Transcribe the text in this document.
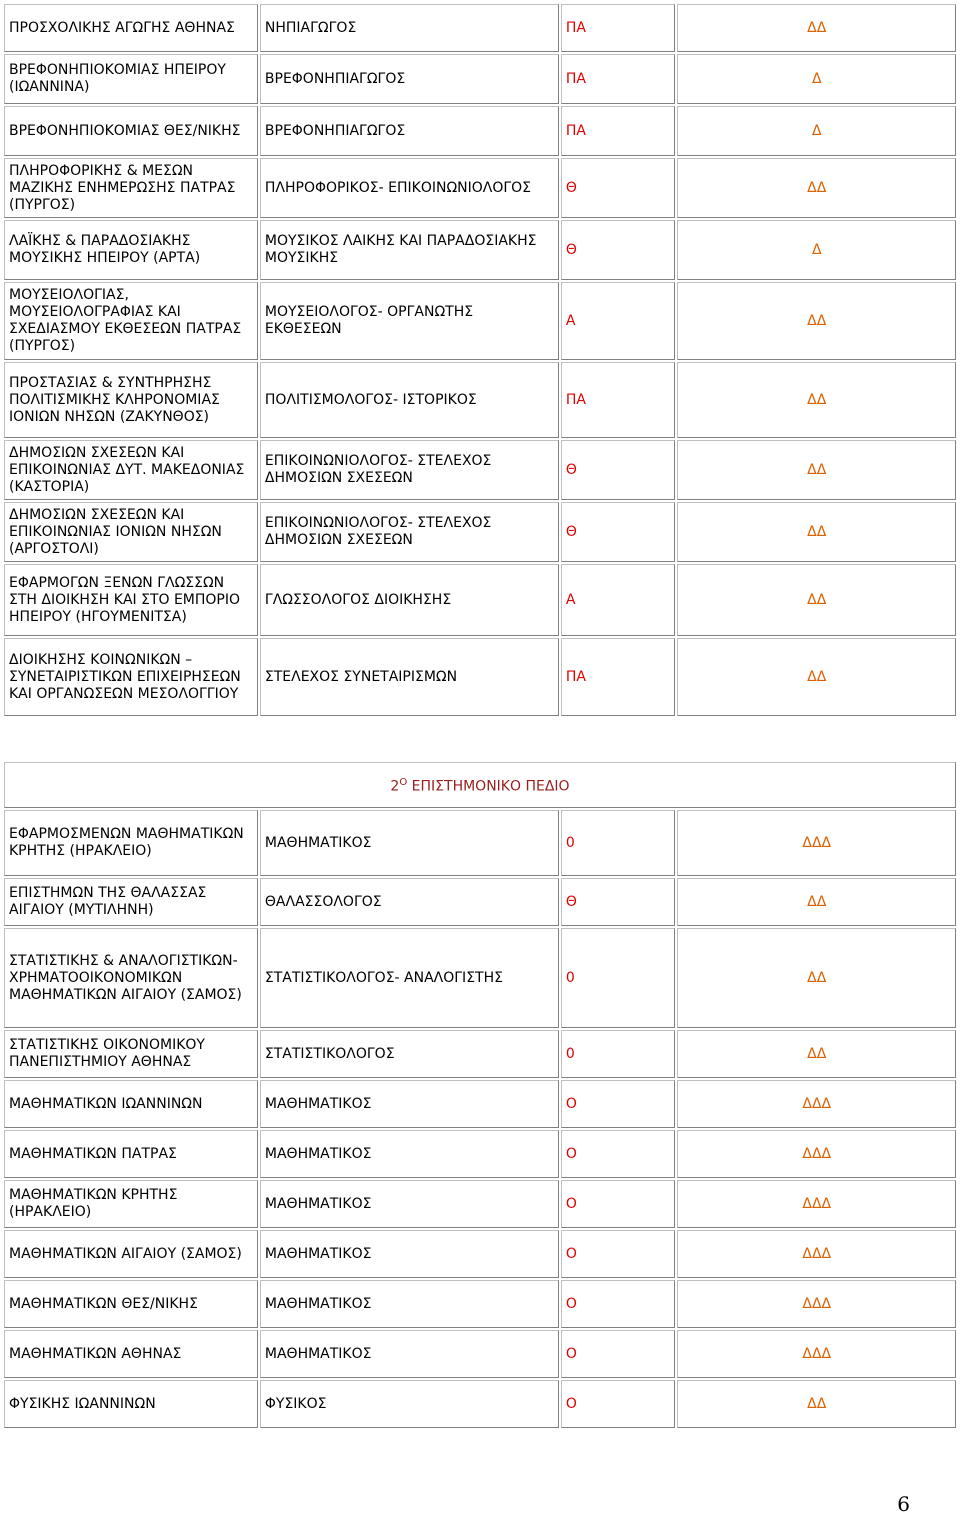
ΠΡΟΣΧΟΛΙΚΗΣ ΑΓΩΓΗΣ ΑΘΗΝΑΣ	ΝΗΠΙΑΓΩΓΟΣ	ΠΑ	ΔΔ
ΒΡΕΦΟΝΗΠΙΟΚΟΜΙΑΣ ΗΠΕΙΡΟΥ (ΙΩΑΝΝΙΝΑ)	ΒΡΕΦΟΝΗΠΙΑΓΩΓΟΣ	ΠΑ	Δ
ΒΡΕΦΟΝΗΠΙΟΚΟΜΙΑΣ ΘΕΣ/ΝΙΚΗΣ	ΒΡΕΦΟΝΗΠΙΑΓΩΓΟΣ	ΠΑ	Δ
ΠΛΗΡΟΦΟΡΙΚΗΣ & ΜΕΣΩΝ ΜΑΖΙΚΗΣ ΕΝΗΜΕΡΩΣΗΣ ΠΑΤΡΑΣ (ΠΥΡΓΟΣ)	ΠΛΗΡΟΦΟΡΙΚΟΣ- ΕΠΙΚΟΙΝΩΝΙΟΛΟΓΟΣ	Θ	ΔΔ
ΛΑΪΚΗΣ & ΠΑΡΑΔΟΣΙΑΚΗΣ ΜΟΥΣΙΚΗΣ ΗΠΕΙΡΟΥ (ΑΡΤΑ)	ΜΟΥΣΙΚΟΣ ΛΑΙΚΗΣ ΚΑΙ ΠΑΡΑΔΟΣΙΑΚΗΣ ΜΟΥΣΙΚΗΣ	Θ	Δ
ΜΟΥΣΕΙΟΛΟΓΙΑΣ, ΜΟΥΣΕΙΟΛΟΓΡΑΦΙΑΣ ΚΑΙ ΣΧΕΔΙΑΣΜΟΥ ΕΚΘΕΣΕΩΝ ΠΑΤΡΑΣ (ΠΥΡΓΟΣ)	ΜΟΥΣΕΙΟΛΟΓΟΣ- ΟΡΓΑΝΩΤΗΣ ΕΚΘΕΣΕΩΝ	Α	ΔΔ
ΠΡΟΣΤΑΣΙΑΣ & ΣΥΝΤΗΡΗΣΗΣ ΠΟΛΙΤΙΣΜΙΚΗΣ ΚΛΗΡΟΝΟΜΙΑΣ ΙΟΝΙΩΝ ΝΗΣΩΝ (ΖΑΚΥΝΘΟΣ)	ΠΟΛΙΤΙΣΜΟΛΟΓΟΣ- ΙΣΤΟΡΙΚΟΣ	ΠΑ	ΔΔ
ΔΗΜΟΣΙΩΝ ΣΧΕΣΕΩΝ ΚΑΙ ΕΠΙΚΟΙΝΩΝΙΑΣ ΔΥΤ. ΜΑΚΕΔΟΝΙΑΣ (ΚΑΣΤΟΡΙΑ)	ΕΠΙΚΟΙΝΩΝΙΟΛΟΓΟΣ- ΣΤΕΛΕΧΟΣ ΔΗΜΟΣΙΩΝ ΣΧΕΣΕΩΝ	Θ	ΔΔ
ΔΗΜΟΣΙΩΝ ΣΧΕΣΕΩΝ ΚΑΙ ΕΠΙΚΟΙΝΩΝΙΑΣ ΙΟΝΙΩΝ ΝΗΣΩΝ (ΑΡΓΟΣΤΟΛΙ)	ΕΠΙΚΟΙΝΩΝΙΟΛΟΓΟΣ- ΣΤΕΛΕΧΟΣ ΔΗΜΟΣΙΩΝ ΣΧΕΣΕΩΝ	Θ	ΔΔ
ΕΦΑΡΜΟΓΩΝ ΞΕΝΩΝ ΓΛΩΣΣΩΝ ΣΤΗ ΔΙΟΙΚΗΣΗ ΚΑΙ ΣΤΟ ΕΜΠΟΡΙΟ ΗΠΕΙΡΟΥ (ΗΓΟΥΜΕΝΙΤΣΑ)	ΓΛΩΣΣΟΛΟΓΟΣ ΔΙΟΙΚΗΣΗΣ	Α	ΔΔ
ΔΙΟΙΚΗΣΗΣ ΚΟΙΝΩΝΙΚΩΝ – ΣΥΝΕΤΑΙΡΙΣΤΙΚΩΝ ΕΠΙΧΕΙΡΗΣΕΩΝ ΚΑΙ ΟΡΓΑΝΩΣΕΩΝ ΜΕΣΟΛΟΓΓΙΟΥ	ΣΤΕΛΕΧΟΣ ΣΥΝΕΤΑΙΡΙΣΜΩΝ	ΠΑ	ΔΔ
$2^O$ ΕΠΙΣΤΗΜΟΝΙΚΟ ΠΕΔΙΟ			
ΕΦΑΡΜΟΣΜΕΝΩΝ ΜΑΘΗΜΑΤΙΚΩΝ ΚΡΗΤΗΣ (ΗΡΑΚΛΕΙΟ)	ΜΑΘΗΜΑΤΙΚΟΣ	0	ΔΔΔ
ΕΠΙΣΤΗΜΩΝ ΤΗΣ ΘΑΛΑΣΣΑΣ ΑΙΓΑΙΟΥ (ΜΥΤΙΛΗΝΗ)	ΘΑΛΑΣΣΟΛΟΓΟΣ	Θ	ΔΔ
ΣΤΑΤΙΣΤΙΚΗΣ & ΑΝΑΛΟΓΙΣΤΙΚΩΝ- ΧΡΗΜΑΤΟΟΙΚΟΝΟΜΙΚΩΝ ΜΑΘΗΜΑΤΙΚΩΝ ΑΙΓΑΙΟΥ (ΣΑΜΟΣ)	ΣΤΑΤΙΣΤΙΚΟΛΟΓΟΣ- ΑΝΑΛΟΓΙΣΤΗΣ	0	ΔΔ
ΣΤΑΤΙΣΤΙΚΗΣ ΟΙΚΟΝΟΜΙΚΟΥ ΠΑΝΕΠΙΣΤΗΜΙΟΥ ΑΘΗΝΑΣ	ΣΤΑΤΙΣΤΙΚΟΛΟΓΟΣ	0	ΔΔ
ΜΑΘΗΜΑΤΙΚΩΝ ΙΩΑΝΝΙΝΩΝ	ΜΑΘΗΜΑΤΙΚΟΣ	Ο	ΔΔΔ
ΜΑΘΗΜΑΤΙΚΩΝ ΠΑΤΡΑΣ	ΜΑΘΗΜΑΤΙΚΟΣ	Ο	ΔΔΔ
ΜΑΘΗΜΑΤΙΚΩΝ ΚΡΗΤΗΣ (ΗΡΑΚΛΕΙΟ)	ΜΑΘΗΜΑΤΙΚΟΣ	Ο	ΔΔΔ
ΜΑΘΗΜΑΤΙΚΩΝ ΑΙΓΑΙΟΥ (ΣΑΜΟΣ)	ΜΑΘΗΜΑΤΙΚΟΣ	Ο	ΔΔΔ
ΜΑΘΗΜΑΤΙΚΩΝ ΘΕΣ/ΝΙΚΗΣ	ΜΑΘΗΜΑΤΙΚΟΣ	Ο	ΔΔΔ
ΜΑΘΗΜΑΤΙΚΩΝ ΑΘΗΝΑΣ	ΜΑΘΗΜΑΤΙΚΟΣ	Ο	ΔΔΔ
ΦΥΣΙΚΗΣ ΙΩΑΝΝΙΝΩΝ	ΦΥΣΙΚΟΣ	Ο	ΔΔ
6
